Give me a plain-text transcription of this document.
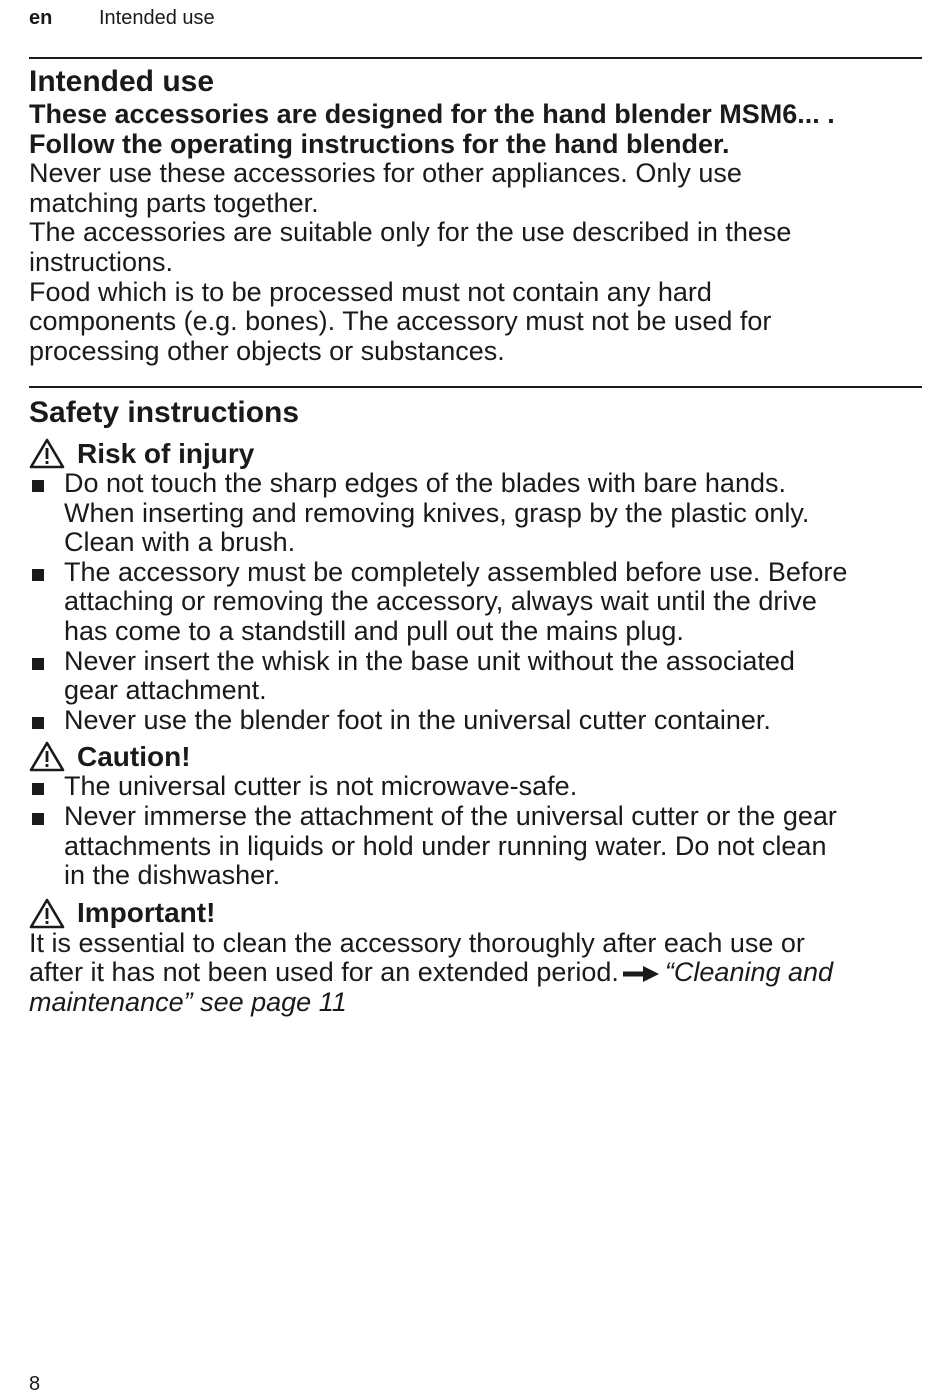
en Intended use

Intended use

These accessories are designed for the hand blender MSM6... .

Follow the operating instructions for the hand blender.

Never use these accessories for other appliances. Only use

matching parts together.

The accessories are suitable only for the use described in these

instructions.

Food which is to be processed must not contain any hard

components (e.g. bones). The accessory must not be used for

processing other objects or substances.

Safety instructions

Risk of injury
Do not touch the sharp edges of the blades with bare hands.
When inserting and removing knives, grasp by the plastic only.
Clean with a brush.
The accessory must be completely assembled before use. Before
attaching or removing the accessory, always wait until the drive
has come to a standstill and pull out the mains plug.
Never insert the whisk in the base unit without the associated
gear attachment.
Never use the blender foot in the universal cutter container.
Caution!
The universal cutter is not microwave-safe.
Never immerse the attachment of the universal cutter or the gear
attachments in liquids or hold under running water. Do not clean
in the dishwasher.
Important!

It is essential to clean the accessory thoroughly after each use or

after it has not been used for an extended period. “Cleaning and

maintenance” see page 11

8
